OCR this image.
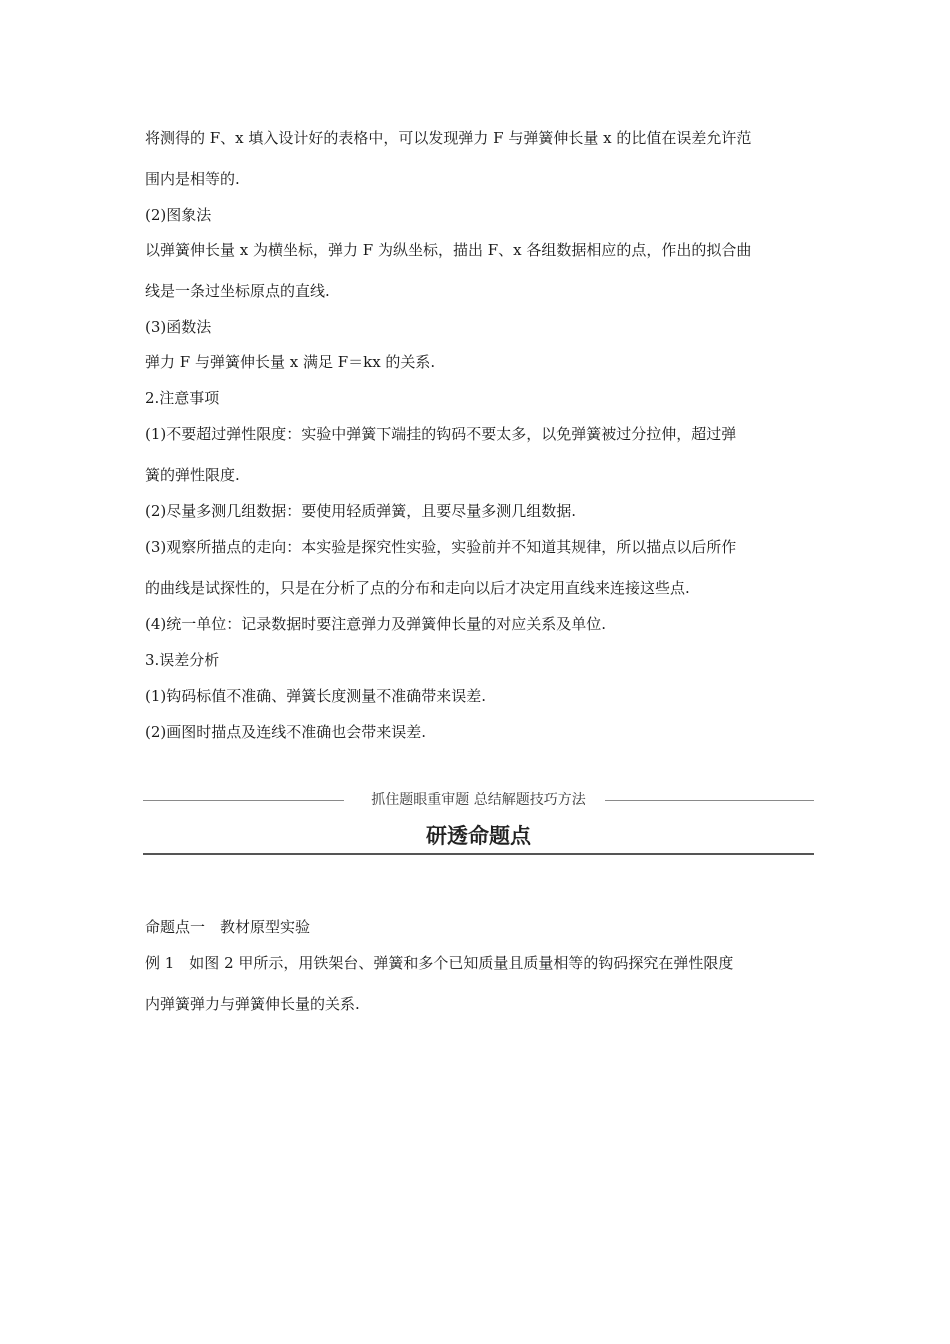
将测得的 F、x 填入设计好的表格中，可以发现弹力 F 与弹簧伸长量 x 的比值在误差允许范
围内是相等的.
(2)图象法
以弹簧伸长量 x 为横坐标，弹力 F 为纵坐标，描出 F、x 各组数据相应的点，作出的拟合曲
线是一条过坐标原点的直线.
(3)函数法
弹力 F 与弹簧伸长量 x 满足 F＝kx 的关系.
2.注意事项
(1)不要超过弹性限度：实验中弹簧下端挂的钩码不要太多，以免弹簧被过分拉伸，超过弹
簧的弹性限度.
(2)尽量多测几组数据：要使用轻质弹簧，且要尽量多测几组数据.
(3)观察所描点的走向：本实验是探究性实验，实验前并不知道其规律，所以描点以后所作
的曲线是试探性的，只是在分析了点的分布和走向以后才决定用直线来连接这些点.
(4)统一单位：记录数据时要注意弹力及弹簧伸长量的对应关系及单位.
3.误差分析
(1)钩码标值不准确、弹簧长度测量不准确带来误差.
(2)画图时描点及连线不准确也会带来误差.
抓住题眼重审题 总结解题技巧方法
研透命题点
命题点一　教材原型实验
例 1　如图 2 甲所示，用铁架台、弹簧和多个已知质量且质量相等的钩码探究在弹性限度
内弹簧弹力与弹簧伸长量的关系.
